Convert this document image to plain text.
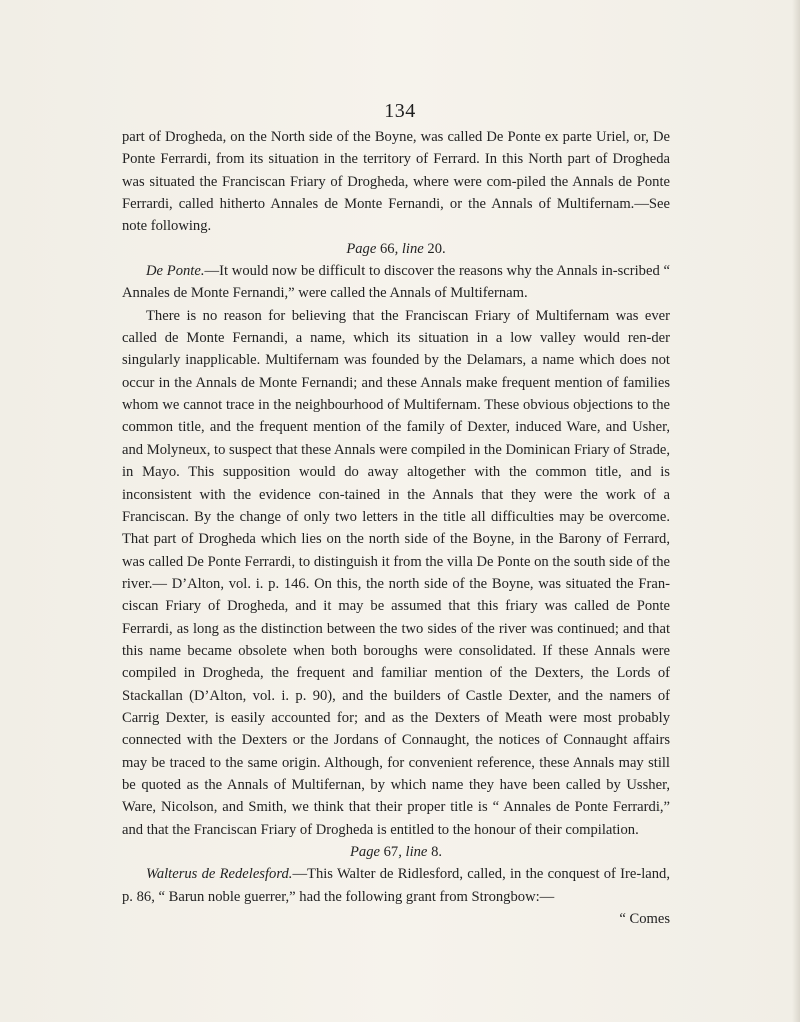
134

part of Drogheda, on the North side of the Boyne, was called De Ponte ex parte Uriel, or, De Ponte Ferrardi, from its situation in the territory of Ferrard. In this North part of Drogheda was situated the Franciscan Friary of Drogheda, where were com-piled the Annals de Ponte Ferrardi, called hitherto Annales de Monte Fernandi, or the Annals of Multifernam.—See note following.

Page 66, line 20.

De Ponte.—It would now be difficult to discover the reasons why the Annals in-scribed “ Annales de Monte Fernandi,” were called the Annals of Multifernam.

There is no reason for believing that the Franciscan Friary of Multifernam was ever called de Monte Fernandi, a name, which its situation in a low valley would ren-der singularly inapplicable. Multifernam was founded by the Delamars, a name which does not occur in the Annals de Monte Fernandi; and these Annals make frequent mention of families whom we cannot trace in the neighbourhood of Multifernam. These obvious objections to the common title, and the frequent mention of the family of Dexter, induced Ware, and Usher, and Molyneux, to suspect that these Annals were compiled in the Dominican Friary of Strade, in Mayo. This supposition would do away altogether with the common title, and is inconsistent with the evidence con-tained in the Annals that they were the work of a Franciscan. By the change of only two letters in the title all difficulties may be overcome. That part of Drogheda which lies on the north side of the Boyne, in the Barony of Ferrard, was called De Ponte Ferrardi, to distinguish it from the villa De Ponte on the south side of the river.— D’Alton, vol. i. p. 146. On this, the north side of the Boyne, was situated the Fran-ciscan Friary of Drogheda, and it may be assumed that this friary was called de Ponte Ferrardi, as long as the distinction between the two sides of the river was continued; and that this name became obsolete when both boroughs were consolidated. If these Annals were compiled in Drogheda, the frequent and familiar mention of the Dexters, the Lords of Stackallan (D’Alton, vol. i. p. 90), and the builders of Castle Dexter, and the namers of Carrig Dexter, is easily accounted for; and as the Dexters of Meath were most probably connected with the Dexters or the Jordans of Connaught, the notices of Connaught affairs may be traced to the same origin. Although, for convenient reference, these Annals may still be quoted as the Annals of Multifernan, by which name they have been called by Ussher, Ware, Nicolson, and Smith, we think that their proper title is “ Annales de Ponte Ferrardi,” and that the Franciscan Friary of Drogheda is entitled to the honour of their compilation.

Page 67, line 8.

Walterus de Redelesford.—This Walter de Ridlesford, called, in the conquest of Ire-land, p. 86, “ Barun noble guerrer,” had the following grant from Strongbow:—

“ Comes
